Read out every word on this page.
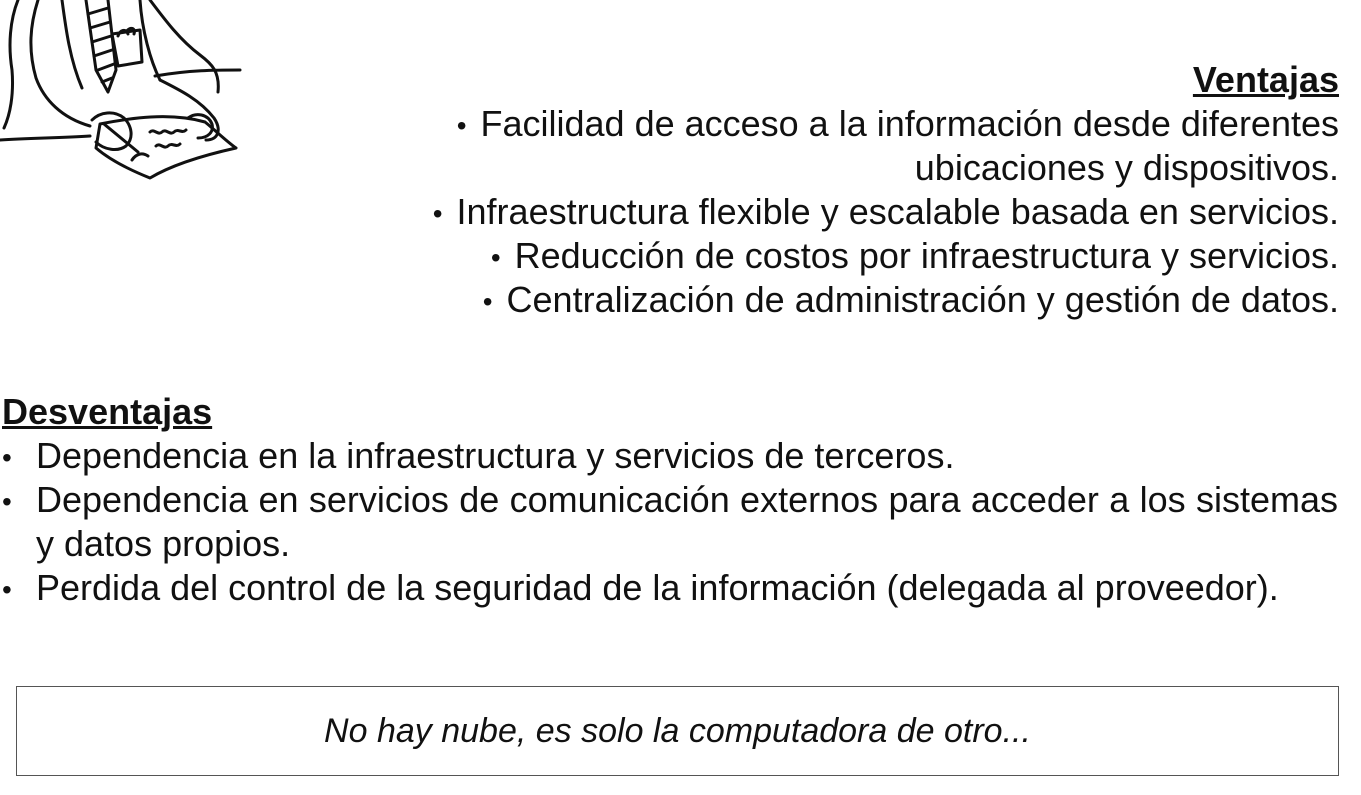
Ventajas

• Facilidad de acceso a la información desde diferentes
ubicaciones y dispositivos.
• Infraestructura flexible y escalable basada en servicios.
• Reducción de costos por infraestructura y servicios.
• Centralización de administración y gestión de datos.

Desventajas

• Dependencia en la infraestructura y servicios de terceros.
• Dependencia en servicios de comunicación externos para acceder a los sistemas y datos propios.
• Perdida del control de la seguridad de la información (delegada al proveedor).
No hay nube, es solo la computadora de otro...
